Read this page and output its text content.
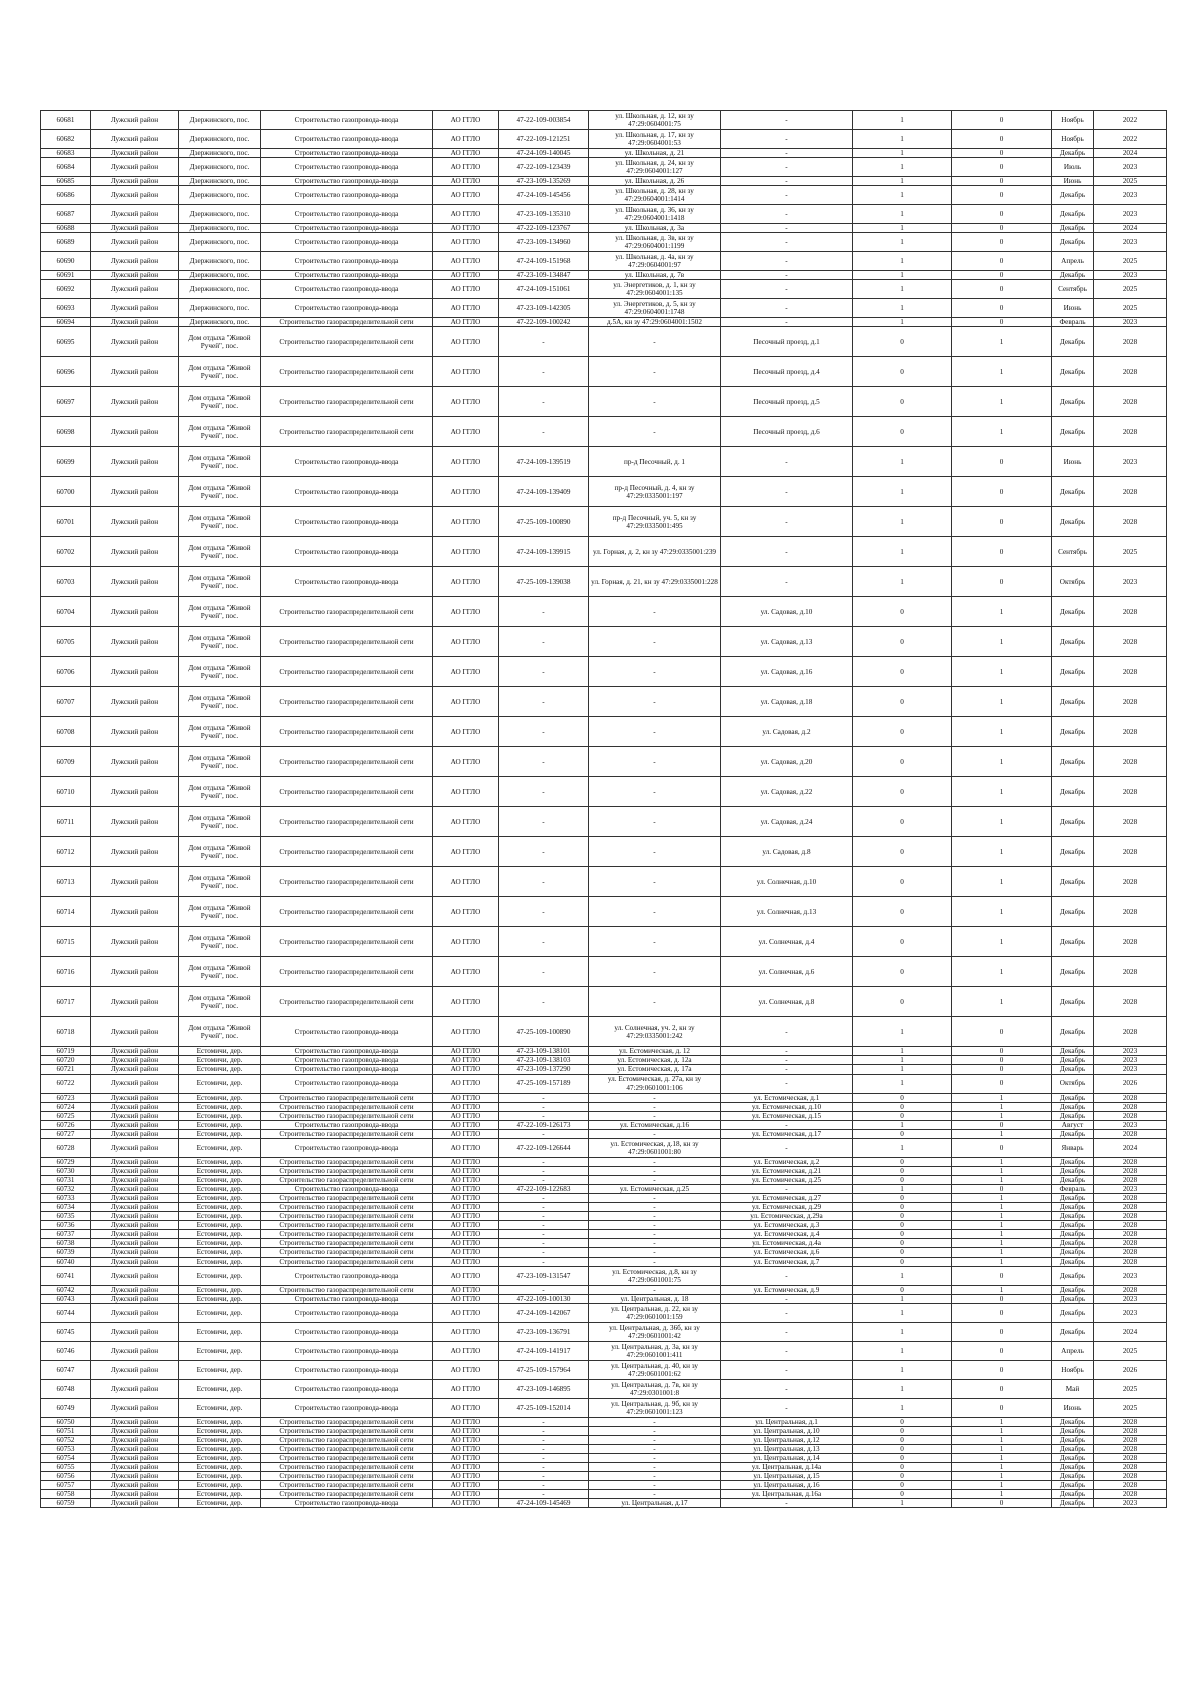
60681	Лужский район	Дзержинского, пос.	Строительство газопровода-ввода	АО ГГЛО	47-22-109-003854	ул. Школьная, д. 12, кн зу 47:29:0604001:75	-	1	0	Ноябрь	2022
60682	Лужский район	Дзержинского, пос.	Строительство газопровода-ввода	АО ГГЛО	47-22-109-121251	ул. Школьная, д. 17, кн зу 47:29:0604001:53	-	1	0	Ноябрь	2022
60683	Лужский район	Дзержинского, пос.	Строительство газопровода-ввода	АО ГГЛО	47-24-109-140045	ул. Школьная, д. 21	-	1	0	Декабрь	2024
60684	Лужский район	Дзержинского, пос.	Строительство газопровода-ввода	АО ГГЛО	47-22-109-123439	ул. Школьная, д. 24, кн зу 47:29:0604001:127	-	1	0	Июль	2023
60685	Лужский район	Дзержинского, пос.	Строительство газопровода-ввода	АО ГГЛО	47-23-109-135269	ул. Школьная, д. 26	-	1	0	Июнь	2025
60686	Лужский район	Дзержинского, пос.	Строительство газопровода-ввода	АО ГГЛО	47-24-109-145456	ул. Школьная, д. 28, кн зу 47:29:0604001:1414	-	1	0	Декабрь	2023
60687	Лужский район	Дзержинского, пос.	Строительство газопровода-ввода	АО ГГЛО	47-23-109-135310	ул. Школьная, д. 36, кн зу 47:29:0604001:1418	-	1	0	Декабрь	2023
60688	Лужский район	Дзержинского, пос.	Строительство газопровода-ввода	АО ГГЛО	47-22-109-123767	ул. Школьная, д. 3а	-	1	0	Декабрь	2024
60689	Лужский район	Дзержинского, пос.	Строительство газопровода-ввода	АО ГГЛО	47-23-109-134960	ул. Школьная, д. 3в, кн зу 47:29:0604001:1199	-	1	0	Декабрь	2023
60690	Лужский район	Дзержинского, пос.	Строительство газопровода-ввода	АО ГГЛО	47-24-109-151968	ул. Школьная, д. 4а, кн зу 47:29:0604001:97	-	1	0	Апрель	2025
60691	Лужский район	Дзержинского, пос.	Строительство газопровода-ввода	АО ГГЛО	47-23-109-134847	ул. Школьная, д. 7в	-	1	0	Декабрь	2023
60692	Лужский район	Дзержинского, пос.	Строительство газопровода-ввода	АО ГГЛО	47-24-109-151061	ул. Энергетиков, д. 1, кн зу 47:29:0604001:135	-	1	0	Сентябрь	2025
60693	Лужский район	Дзержинского, пос.	Строительство газопровода-ввода	АО ГГЛО	47-23-109-142305	ул. Энергетиков, д. 5, кн зу 47:29:0604001:1748	-	1	0	Июнь	2025
60694	Лужский район	Дзержинского, пос.	Строительство газораспределительной сети	АО ГГЛО	47-22-109-100242	д.5А, кн зу 47:29:0604001:1502	-	1	0	Февраль	2023
60695	Лужский район	Дом отдыха "Живой Ручей", пос.	Строительство газораспределительной сети	АО ГГЛО	-	-	Песочный проезд, д.1	0	1	Декабрь	2028
60696	Лужский район	Дом отдыха "Живой Ручей", пос.	Строительство газораспределительной сети	АО ГГЛО	-	-	Песочный проезд, д.4	0	1	Декабрь	2028
60697	Лужский район	Дом отдыха "Живой Ручей", пос.	Строительство газораспределительной сети	АО ГГЛО	-	-	Песочный проезд, д.5	0	1	Декабрь	2028
60698	Лужский район	Дом отдыха "Живой Ручей", пос.	Строительство газораспределительной сети	АО ГГЛО	-	-	Песочный проезд, д.6	0	1	Декабрь	2028
60699	Лужский район	Дом отдыха "Живой Ручей", пос.	Строительство газопровода-ввода	АО ГГЛО	47-24-109-139519	пр-д Песочный, д. 1	-	1	0	Июнь	2023
60700	Лужский район	Дом отдыха "Живой Ручей", пос.	Строительство газопровода-ввода	АО ГГЛО	47-24-109-139409	пр-д Песочный, д. 4, кн зу 47:29:0335001:197	-	1	0	Декабрь	2028
60701	Лужский район	Дом отдыха "Живой Ручей", пос.	Строительство газопровода-ввода	АО ГГЛО	47-25-109-100890	пр-д Песочный, уч. 5, кн зу 47:29:0335001:495	-	1	0	Декабрь	2028
60702	Лужский район	Дом отдыха "Живой Ручей", пос.	Строительство газопровода-ввода	АО ГГЛО	47-24-109-139915	ул. Горная, д. 2, кн зу 47:29:0335001:239	-	1	0	Сентябрь	2025
60703	Лужский район	Дом отдыха "Живой Ручей", пос.	Строительство газопровода-ввода	АО ГГЛО	47-25-109-139038	ул. Горная, д. 21, кн зу 47:29:0335001:228	-	1	0	Октябрь	2023
60704	Лужский район	Дом отдыха "Живой Ручей", пос.	Строительство газораспределительной сети	АО ГГЛО	-	-	ул. Садовая, д.10	0	1	Декабрь	2028
60705	Лужский район	Дом отдыха "Живой Ручей", пос.	Строительство газораспределительной сети	АО ГГЛО	-	-	ул. Садовая, д.13	0	1	Декабрь	2028
60706	Лужский район	Дом отдыха "Живой Ручей", пос.	Строительство газораспределительной сети	АО ГГЛО	-	-	ул. Садовая, д.16	0	1	Декабрь	2028
60707	Лужский район	Дом отдыха "Живой Ручей", пос.	Строительство газораспределительной сети	АО ГГЛО	-	-	ул. Садовая, д.18	0	1	Декабрь	2028
60708	Лужский район	Дом отдыха "Живой Ручей", пос.	Строительство газораспределительной сети	АО ГГЛО	-	-	ул. Садовая, д.2	0	1	Декабрь	2028
60709	Лужский район	Дом отдыха "Живой Ручей", пос.	Строительство газораспределительной сети	АО ГГЛО	-	-	ул. Садовая, д.20	0	1	Декабрь	2028
60710	Лужский район	Дом отдыха "Живой Ручей", пос.	Строительство газораспределительной сети	АО ГГЛО	-	-	ул. Садовая, д.22	0	1	Декабрь	2028
60711	Лужский район	Дом отдыха "Живой Ручей", пос.	Строительство газораспределительной сети	АО ГГЛО	-	-	ул. Садовая, д.24	0	1	Декабрь	2028
60712	Лужский район	Дом отдыха "Живой Ручей", пос.	Строительство газораспределительной сети	АО ГГЛО	-	-	ул. Садовая, д.8	0	1	Декабрь	2028
60713	Лужский район	Дом отдыха "Живой Ручей", пос.	Строительство газораспределительной сети	АО ГГЛО	-	-	ул. Солнечная, д.10	0	1	Декабрь	2028
60714	Лужский район	Дом отдыха "Живой Ручей", пос.	Строительство газораспределительной сети	АО ГГЛО	-	-	ул. Солнечная, д.13	0	1	Декабрь	2028
60715	Лужский район	Дом отдыха "Живой Ручей", пос.	Строительство газораспределительной сети	АО ГГЛО	-	-	ул. Солнечная, д.4	0	1	Декабрь	2028
60716	Лужский район	Дом отдыха "Живой Ручей", пос.	Строительство газораспределительной сети	АО ГГЛО	-	-	ул. Солнечная, д.6	0	1	Декабрь	2028
60717	Лужский район	Дом отдыха "Живой Ручей", пос.	Строительство газораспределительной сети	АО ГГЛО	-	-	ул. Солнечная, д.8	0	1	Декабрь	2028
60718	Лужский район	Дом отдыха "Живой Ручей", пос.	Строительство газопровода-ввода	АО ГГЛО	47-25-109-100890	ул. Солнечная, уч. 2, кн зу 47:29:0335001:242	-	1	0	Декабрь	2028
60719	Лужский район	Естомичи, дер.	Строительство газопровода-ввода	АО ГГЛО	47-23-109-138101	ул. Естомическая, д. 12	-	1	0	Декабрь	2023
60720	Лужский район	Естомичи, дер.	Строительство газопровода-ввода	АО ГГЛО	47-23-109-138103	ул. Естомическая, д. 12а	-	1	0	Декабрь	2023
60721	Лужский район	Естомичи, дер.	Строительство газопровода-ввода	АО ГГЛО	47-23-109-137290	ул. Естомическая, д. 17а	-	1	0	Декабрь	2023
60722	Лужский район	Естомичи, дер.	Строительство газопровода-ввода	АО ГГЛО	47-25-109-157189	ул. Естомическая, д. 27а, кн зу 47:29:0601001:106	-	1	0	Октябрь	2026
60723	Лужский район	Естомичи, дер.	Строительство газораспределительной сети	АО ГГЛО	-	-	ул. Естомическая, д.1	0	1	Декабрь	2028
60724	Лужский район	Естомичи, дер.	Строительство газораспределительной сети	АО ГГЛО	-	-	ул. Естомическая, д.10	0	1	Декабрь	2028
60725	Лужский район	Естомичи, дер.	Строительство газораспределительной сети	АО ГГЛО	-	-	ул. Естомическая, д.15	0	1	Декабрь	2028
60726	Лужский район	Естомичи, дер.	Строительство газопровода-ввода	АО ГГЛО	47-22-109-126173	ул. Естомическая, д.16	-	1	0	Август	2023
60727	Лужский район	Естомичи, дер.	Строительство газораспределительной сети	АО ГГЛО	-	-	ул. Естомическая, д.17	0	1	Декабрь	2028
60728	Лужский район	Естомичи, дер.	Строительство газопровода-ввода	АО ГГЛО	47-22-109-126644	ул. Естомическая, д.18, кн зу 47:29:0601001:80	-	1	0	Январь	2024
60729	Лужский район	Естомичи, дер.	Строительство газораспределительной сети	АО ГГЛО	-	-	ул. Естомическая, д.2	0	1	Декабрь	2028
60730	Лужский район	Естомичи, дер.	Строительство газораспределительной сети	АО ГГЛО	-	-	ул. Естомическая, д.21	0	1	Декабрь	2028
60731	Лужский район	Естомичи, дер.	Строительство газораспределительной сети	АО ГГЛО	-	-	ул. Естомическая, д.25	0	1	Декабрь	2028
60732	Лужский район	Естомичи, дер.	Строительство газопровода-ввода	АО ГГЛО	47-22-109-122683	ул. Естомическая, д.25	-	1	0	Февраль	2023
60733	Лужский район	Естомичи, дер.	Строительство газораспределительной сети	АО ГГЛО	-	-	ул. Естомическая, д.27	0	1	Декабрь	2028
60734	Лужский район	Естомичи, дер.	Строительство газораспределительной сети	АО ГГЛО	-	-	ул. Естомическая, д.29	0	1	Декабрь	2028
60735	Лужский район	Естомичи, дер.	Строительство газораспределительной сети	АО ГГЛО	-	-	ул. Естомическая, д.29а	0	1	Декабрь	2028
60736	Лужский район	Естомичи, дер.	Строительство газораспределительной сети	АО ГГЛО	-	-	ул. Естомическая, д.3	0	1	Декабрь	2028
60737	Лужский район	Естомичи, дер.	Строительство газораспределительной сети	АО ГГЛО	-	-	ул. Естомическая, д.4	0	1	Декабрь	2028
60738	Лужский район	Естомичи, дер.	Строительство газораспределительной сети	АО ГГЛО	-	-	ул. Естомическая, д.4а	0	1	Декабрь	2028
60739	Лужский район	Естомичи, дер.	Строительство газораспределительной сети	АО ГГЛО	-	-	ул. Естомическая, д.6	0	1	Декабрь	2028
60740	Лужский район	Естомичи, дер.	Строительство газораспределительной сети	АО ГГЛО	-	-	ул. Естомическая, д.7	0	1	Декабрь	2028
60741	Лужский район	Естомичи, дер.	Строительство газопровода-ввода	АО ГГЛО	47-23-109-131547	ул. Естомическая, д.8, кн зу 47:29:0601001:75	-	1	0	Декабрь	2023
60742	Лужский район	Естомичи, дер.	Строительство газораспределительной сети	АО ГГЛО	-	-	ул. Естомическая, д.9	0	1	Декабрь	2028
60743	Лужский район	Естомичи, дер.	Строительство газопровода-ввода	АО ГГЛО	47-22-109-100130	ул. Центральная, д. 18	-	1	0	Декабрь	2023
60744	Лужский район	Естомичи, дер.	Строительство газопровода-ввода	АО ГГЛО	47-24-109-142067	ул. Центральная, д. 22, кн зу 47:29:0601001:159	-	1	0	Декабрь	2023
60745	Лужский район	Естомичи, дер.	Строительство газопровода-ввода	АО ГГЛО	47-23-109-136791	ул. Центральная, д. 36б, кн зу 47:29:0601001:42	-	1	0	Декабрь	2024
60746	Лужский район	Естомичи, дер.	Строительство газопровода-ввода	АО ГГЛО	47-24-109-141917	ул. Центральная, д. 3а, кн зу 47:29:0601001:411	-	1	0	Апрель	2025
60747	Лужский район	Естомичи, дер.	Строительство газопровода-ввода	АО ГГЛО	47-25-109-157964	ул. Центральная, д. 40, кн зу 47:29:0601001:62	-	1	0	Ноябрь	2026
60748	Лужский район	Естомичи, дер.	Строительство газопровода-ввода	АО ГГЛО	47-23-109-146895	ул. Центральная, д. 7в, кн зу 47:29:0301001:8	-	1	0	Май	2025
60749	Лужский район	Естомичи, дер.	Строительство газопровода-ввода	АО ГГЛО	47-25-109-152014	ул. Центральная, д. 9б, кн зу 47:29:0601001:123	-	1	0	Июнь	2025
60750	Лужский район	Естомичи, дер.	Строительство газораспределительной сети	АО ГГЛО	-	-	ул. Центральная, д.1	0	1	Декабрь	2028
60751	Лужский район	Естомичи, дер.	Строительство газораспределительной сети	АО ГГЛО	-	-	ул. Центральная, д.10	0	1	Декабрь	2028
60752	Лужский район	Естомичи, дер.	Строительство газораспределительной сети	АО ГГЛО	-	-	ул. Центральная, д.12	0	1	Декабрь	2028
60753	Лужский район	Естомичи, дер.	Строительство газораспределительной сети	АО ГГЛО	-	-	ул. Центральная, д.13	0	1	Декабрь	2028
60754	Лужский район	Естомичи, дер.	Строительство газораспределительной сети	АО ГГЛО	-	-	ул. Центральная, д.14	0	1	Декабрь	2028
60755	Лужский район	Естомичи, дер.	Строительство газораспределительной сети	АО ГГЛО	-	-	ул. Центральная, д.14а	0	1	Декабрь	2028
60756	Лужский район	Естомичи, дер.	Строительство газораспределительной сети	АО ГГЛО	-	-	ул. Центральная, д.15	0	1	Декабрь	2028
60757	Лужский район	Естомичи, дер.	Строительство газораспределительной сети	АО ГГЛО	-	-	ул. Центральная, д.16	0	1	Декабрь	2028
60758	Лужский район	Естомичи, дер.	Строительство газораспределительной сети	АО ГГЛО	-	-	ул. Центральная, д.16а	0	1	Декабрь	2028
60759	Лужский район	Естомичи, дер.	Строительство газопровода-ввода	АО ГГЛО	47-24-109-145469	ул. Центральная, д.17	-	1	0	Декабрь	2023
